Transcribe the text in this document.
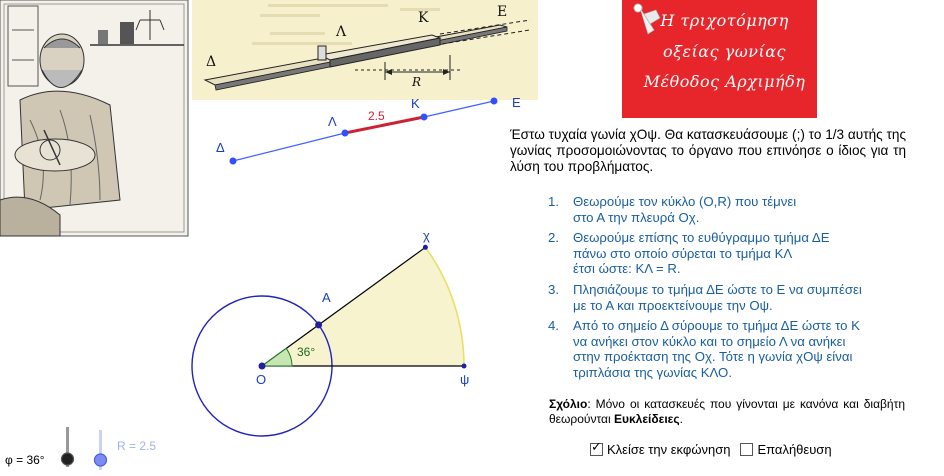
Δ
Λ
Κ	Ε
R
Δ
Λ
Κ	Ε
2.5
36°
O
Α
χ
ψ
φ = 36°
R = 2.5
Η τριχοτόμηση
οξείας γωνίας
Μέθοδος Αρχιμήδη
Έστω τυχαία γωνία χΟψ. Θα κατασκευάσουμε (;) το 1/3 αυτής της γωνίας προσομοιώνοντας το όργανο που επινόησε ο ίδιος για τη λύση του προβλήματος.
1. Θεωρούμε τον κύκλο (O,R) που τέμνει
στο Α την πλευρά Οχ.
2. Θεωρούμε επίσης το ευθύγραμμο τμήμα ΔΕ
πάνω στο οποίο σύρεται το τμήμα ΚΛ
έτσι ώστε: ΚΛ = R.
3. Πλησιάζουμε το τμήμα ΔΕ ώστε το Ε να συμπέσει
με το Α και προεκτείνουμε την Οψ.
4. Από το σημείο Δ σύρουμε το τμήμα ΔΕ ώστε το Κ
να ανήκει στον κύκλο και το σημείο Λ να ανήκει
στην προέκταση της Οχ. Τότε η γωνία χΟψ είναι
τριπλάσια της γωνίας ΚΛΟ.
Σχόλιο: Μόνο οι κατασκευές που γίνονται με κανόνα και διαβήτη θεωρούνται Ευκλείδειες.
✓
Κλείσε την εκφώνηση Επαλήθευση
